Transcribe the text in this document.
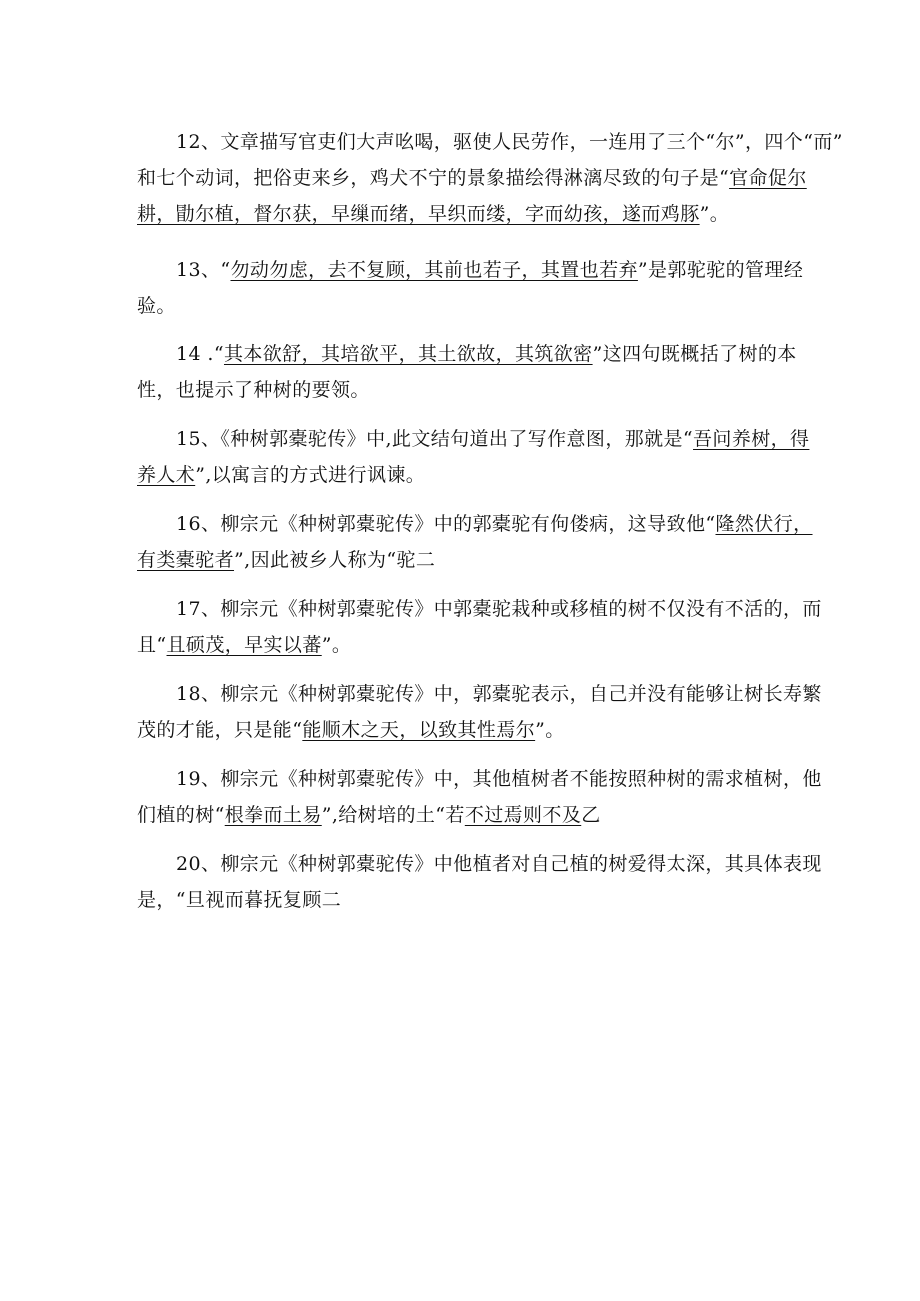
12、文章描写官吏们大声吆喝，驱使人民劳作，一连用了三个“尔”，四个“而”
和七个动词，把俗吏来乡，鸡犬不宁的景象描绘得淋漓尽致的句子是“官命促尔
耕，勖尔植，督尔获，早缫而绪，早织而缕，字而幼孩，遂而鸡豚”。
13、“勿动勿虑，去不复顾，其前也若子，其置也若弃”是郭驼驼的管理经
验。
14 .“其本欲舒，其培欲平，其土欲故，其筑欲密”这四句既概括了树的本
性，也提示了种树的要领。
15、《种树郭橐驼传》中,此文结句道出了写作意图，那就是“吾问养树，得
养人术”,以寓言的方式进行讽谏。
16、柳宗元《种树郭橐驼传》中的郭橐驼有佝偻病，这导致他“隆然伏行，
有类橐驼者”,因此被乡人称为“驼二
17、柳宗元《种树郭橐驼传》中郭橐驼栽种或移植的树不仅没有不活的，而
且“且硕茂，早实以蕃”。
18、柳宗元《种树郭橐驼传》中，郭橐驼表示，自己并没有能够让树长寿繁
茂的才能，只是能“能顺木之天，以致其性焉尔”。
19、柳宗元《种树郭橐驼传》中，其他植树者不能按照种树的需求植树，他
们植的树“根拳而土易”,给树培的土“若不过焉则不及乙
20、柳宗元《种树郭橐驼传》中他植者对自己植的树爱得太深，其具体表现
是，“旦视而暮抚复顾二
